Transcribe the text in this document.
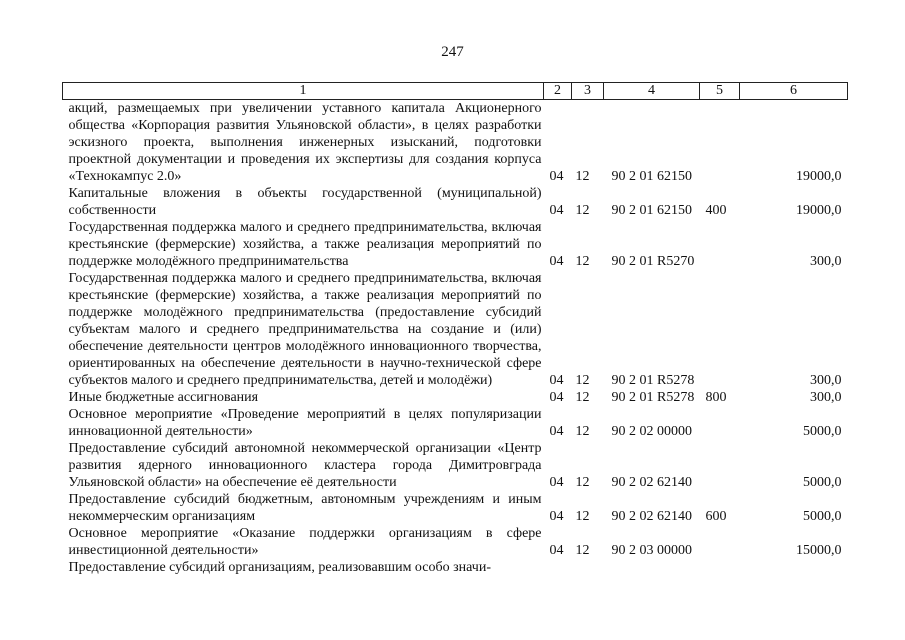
247
1	2	3	4	5	6
акций, размещаемых при увеличении уставного капитала Акционерного общества «Корпорация развития Ульяновской области», в целях разработки эскизного проекта, выполнения инженерных изысканий, подготовки проектной документации и проведения их экспертизы для создания корпуса «Технокампус 2.0»	04	12	90 2 01 62150		19000,0
Капитальные вложения в объекты государственной (муниципальной) собственности	04	12	90 2 01 62150	400	19000,0
Государственная поддержка малого и среднего предпринимательства, включая крестьянские (фермерские) хозяйства, а также реализация мероприятий по поддержке молодёжного предпринимательства	04	12	90 2 01 R5270		300,0
Государственная поддержка малого и среднего предпринимательства, включая крестьянские (фермерские) хозяйства, а также реализация мероприятий по поддержке молодёжного предпринимательства (предоставление субсидий субъектам малого и среднего предпринимательства на создание и (или) обеспечение деятельности центров молодёжного инновационного творчества, ориентированных на обеспечение деятельности в научно-технической сфере субъектов малого и среднего предпринимательства, детей и молодёжи)	04	12	90 2 01 R5278		300,0
Иные бюджетные ассигнования	04	12	90 2 01 R5278	800	300,0
Основное мероприятие «Проведение мероприятий в целях популяризации инновационной деятельности»	04	12	90 2 02 00000		5000,0
Предоставление субсидий автономной некоммерческой организации «Центр развития ядерного инновационного кластера города Димитровграда Ульяновской области» на обеспечение её деятельности	04	12	90 2 02 62140		5000,0
Предоставление субсидий бюджетным, автономным учреждениям и иным некоммерческим организациям	04	12	90 2 02 62140	600	5000,0
Основное мероприятие «Оказание поддержки организациям в сфере инвестиционной деятельности»	04	12	90 2 03 00000		15000,0
Предоставление субсидий организациям, реализовавшим особо значи-					
